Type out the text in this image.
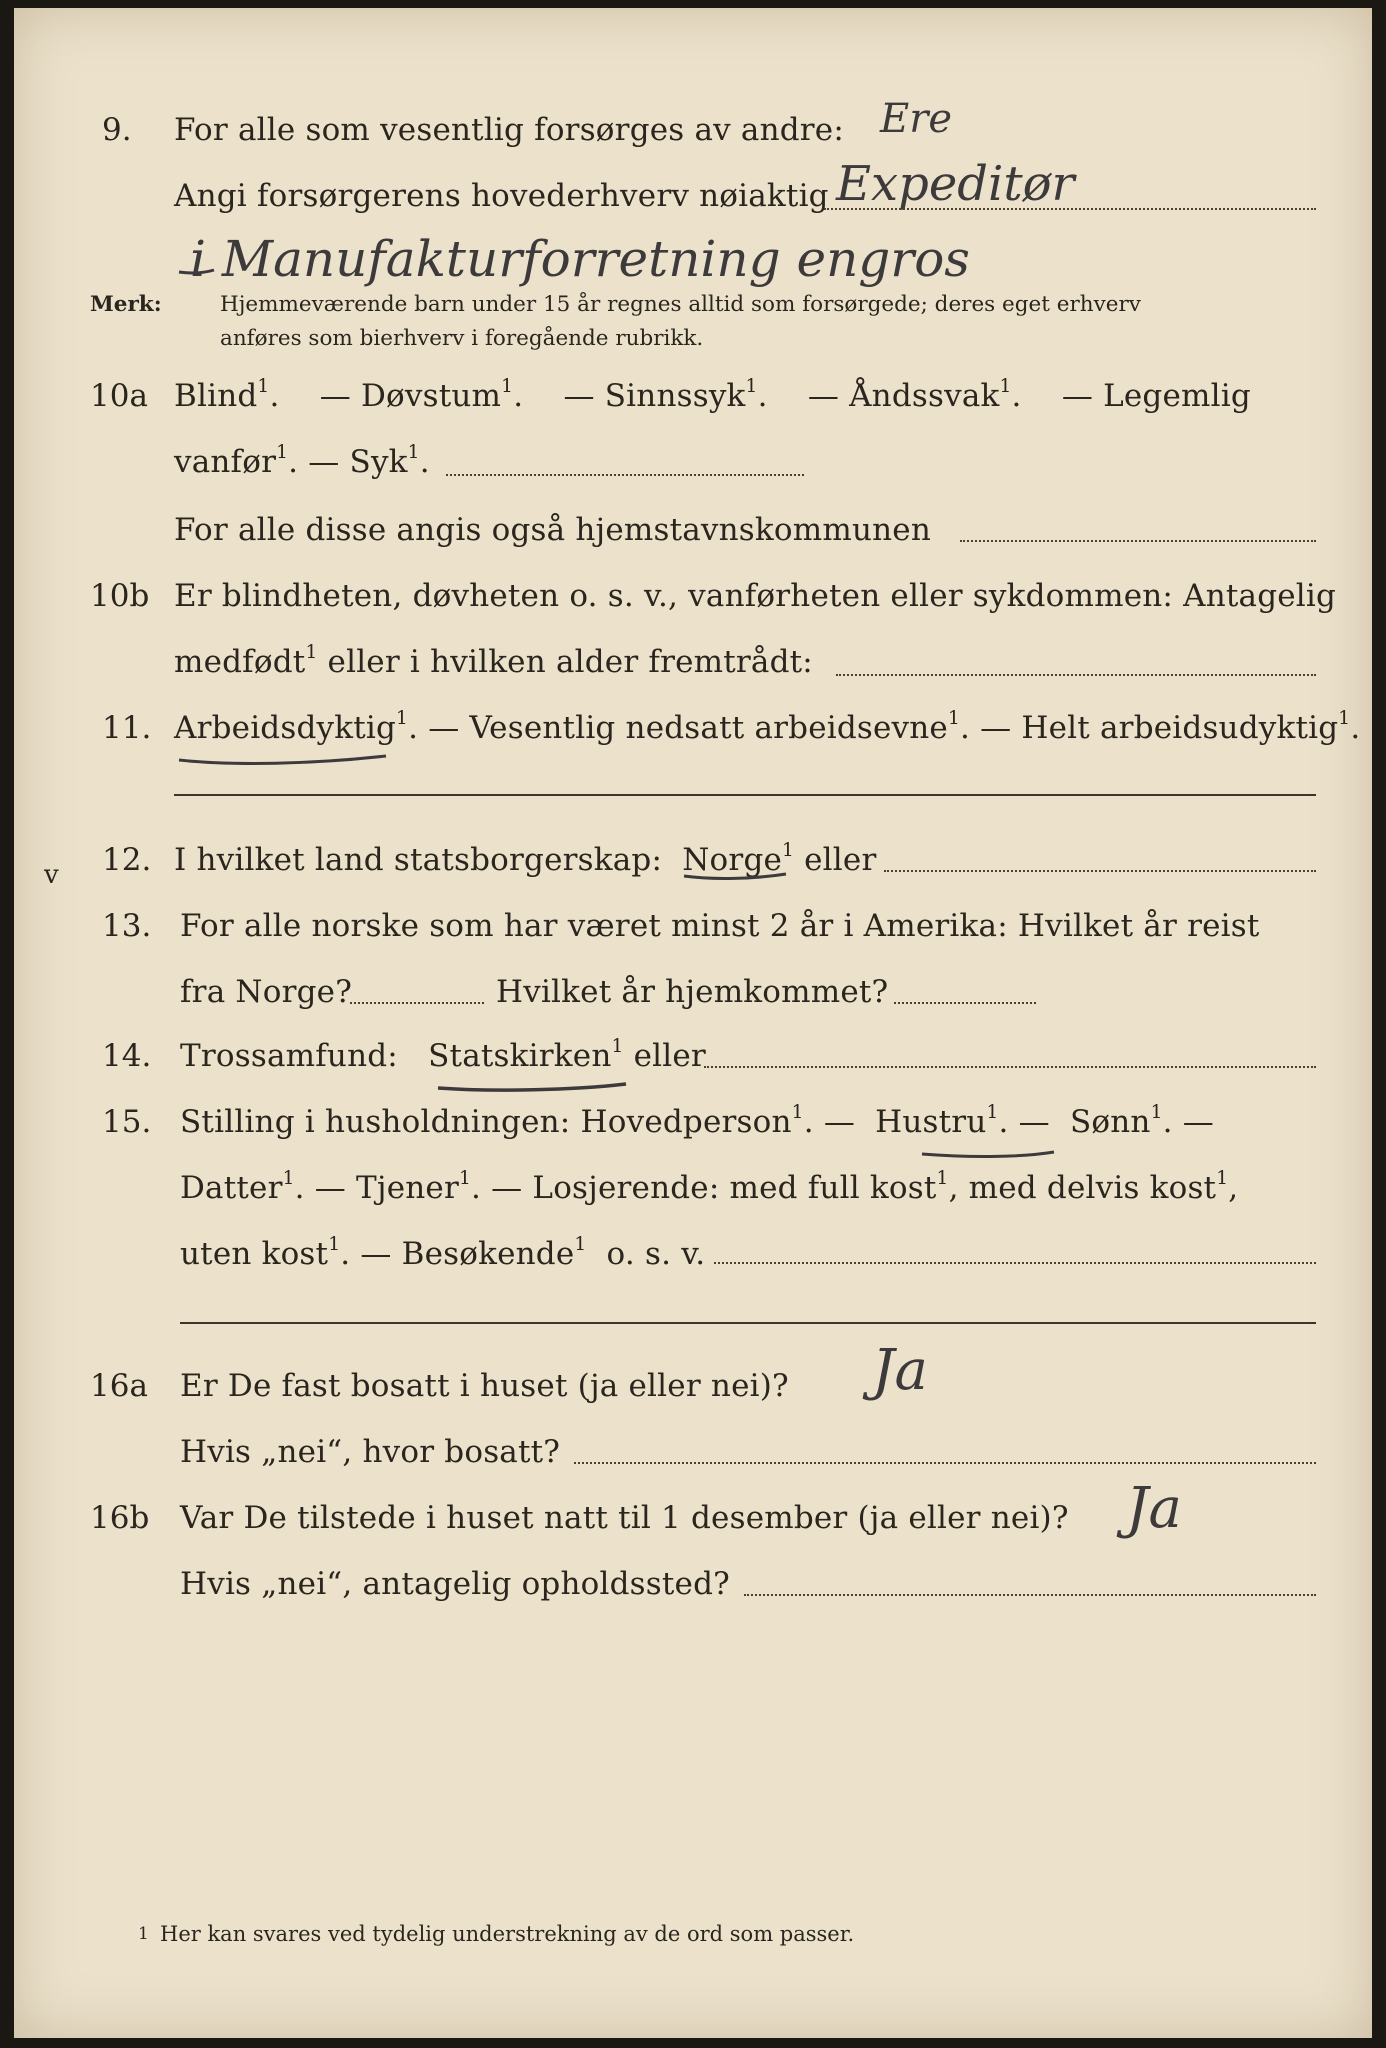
9. For alle som vesentlig forsørges av andre: Ere
Angi forsørgerens hovederhverv nøiaktig Expeditør
i Manufakturforretning engros
Merk:	Hjemmeværende barn under 15 år regnes alltid som forsørgede; deres eget erhverv
anføres som bierhverv i foregående rubrikk.
10a Blind$^1$. — Døvstum$^1$. — Sinnssyk$^1$. — Åndssvak$^1$. — Legemlig
vanfør$^1$. — Syk$^1$.
For alle disse angis også hjemstavnskommunen
10b Er blindheten, døvheten o. s. v., vanførheten eller sykdommen: Antagelig
medfødt$^1$ eller i hvilken alder fremtrådt:
11. Arbeidsdyktig$^1$. — Vesentlig nedsatt arbeidsevne$^1$. — Helt arbeidsudyktig$^1$.
v 12. I hvilket land statsborgerskap: Norge$^1$ eller
13. For alle norske som har været minst 2 år i Amerika: Hvilket år reist
fra Norge?	Hvilket år hjemkommet?
14. Trossamfund: Statskirken$^1$ eller
15. Stilling i husholdningen: Hovedperson$^1$. — Hustru$^1$. — Sønn$^1$. —
Datter$^1$. — Tjener$^1$. — Losjerende: med full kost$^1$, med delvis kost$^1$,
uten kost$^1$. — Besøkende$^1$ o. s. v.
16a Er De fast bosatt i huset (ja eller nei)? Ja
Hvis „nei“, hvor bosatt?
16b Var De tilstede i huset natt til 1 desember (ja eller nei)? Ja
Hvis „nei“, antagelig opholdssted?
1 Her kan svares ved tydelig understrekning av de ord som passer.
